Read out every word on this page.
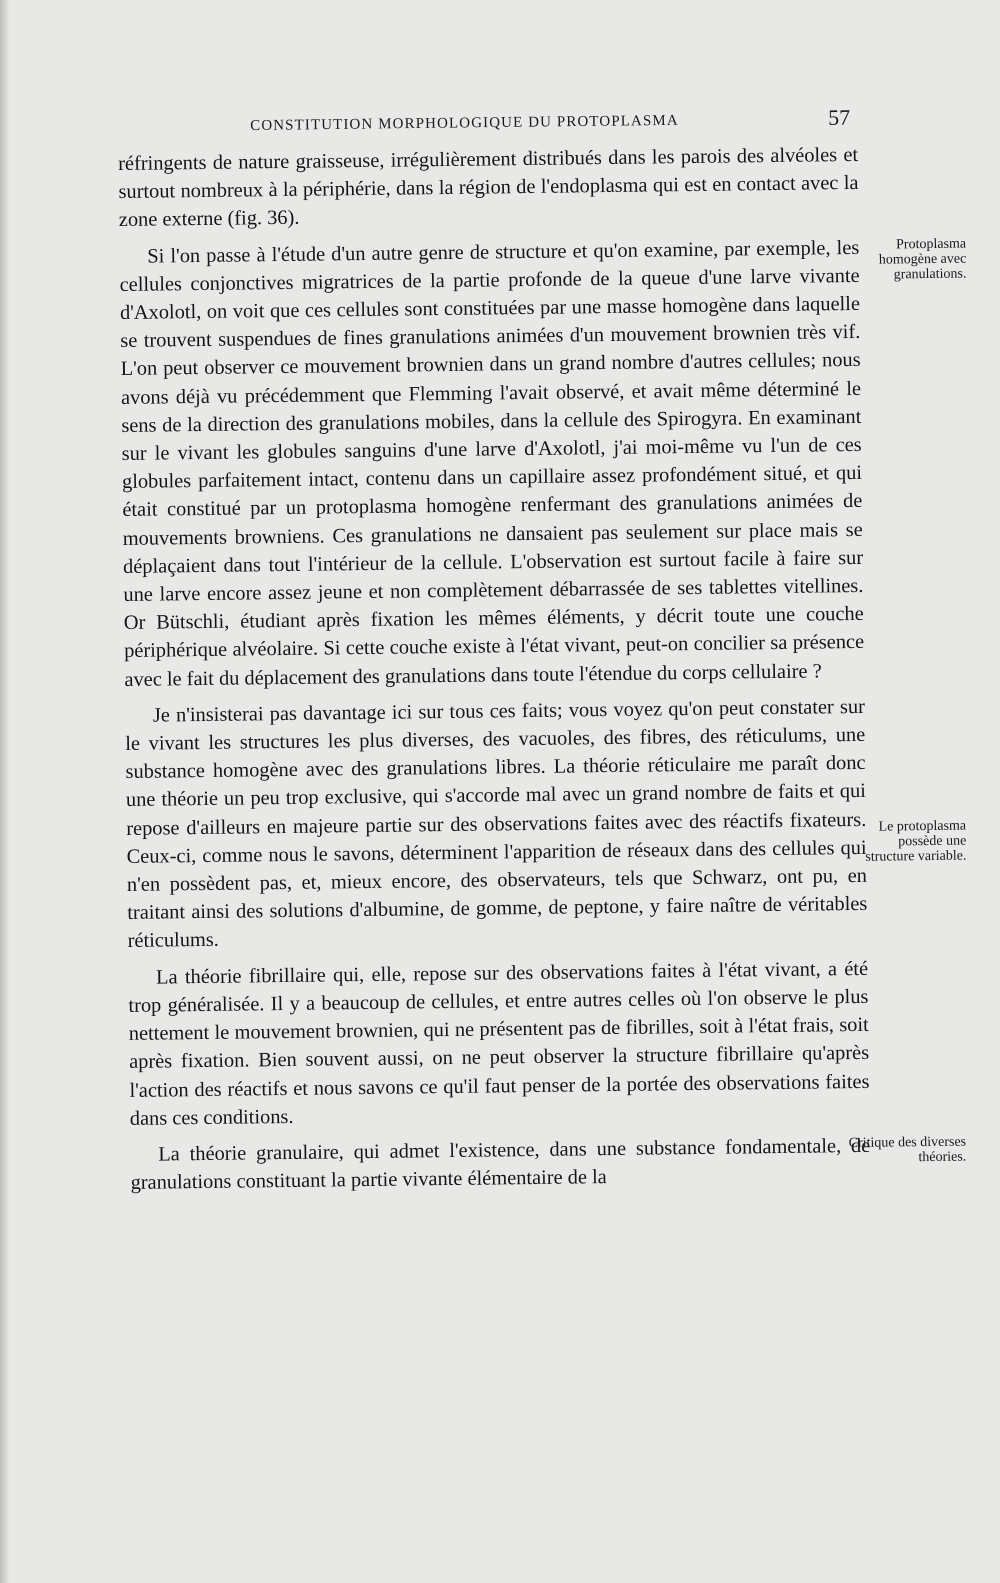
CONSTITUTION MORPHOLOGIQUE DU PROTOPLASMA	57

réfringents de nature graisseuse, irrégulièrement distribués dans les parois des alvéoles et surtout nombreux à la périphérie, dans la région de l'endoplasma qui est en contact avec la zone externe (fig. 36).

Si l'on passe à l'étude d'un autre genre de structure et qu'on examine, par exemple, les cellules conjonctives migratrices de la partie profonde de la queue d'une larve vivante d'Axolotl, on voit que ces cellules sont constituées par une masse homogène dans laquelle se trouvent suspendues de fines granulations animées d'un mouvement brownien très vif. L'on peut observer ce mouvement brownien dans un grand nombre d'autres cellules; nous avons déjà vu précédemment que Flemming l'avait observé, et avait même déterminé le sens de la direction des granulations mobiles, dans la cellule des Spirogyra. En examinant sur le vivant les globules sanguins d'une larve d'Axolotl, j'ai moi-même vu l'un de ces globules parfaitement intact, contenu dans un capillaire assez profondément situé, et qui était constitué par un protoplasma homogène renfermant des granulations animées de mouvements browniens. Ces granulations ne dansaient pas seulement sur place mais se déplaçaient dans tout l'intérieur de la cellule. L'observation est surtout facile à faire sur une larve encore assez jeune et non complètement débarrassée de ses tablettes vitellines. Or Bütschli, étudiant après fixation les mêmes éléments, y décrit toute une couche périphérique alvéolaire. Si cette couche existe à l'état vivant, peut-on concilier sa présence avec le fait du déplacement des granulations dans toute l'étendue du corps cellulaire ?

Je n'insisterai pas davantage ici sur tous ces faits; vous voyez qu'on peut constater sur le vivant les structures les plus diverses, des vacuoles, des fibres, des réticulums, une substance homogène avec des granulations libres. La théorie réticulaire me paraît donc une théorie un peu trop exclusive, qui s'accorde mal avec un grand nombre de faits et qui repose d'ailleurs en majeure partie sur des observations faites avec des réactifs fixateurs. Ceux-ci, comme nous le savons, déterminent l'apparition de réseaux dans des cellules qui n'en possèdent pas, et, mieux encore, des observateurs, tels que Schwarz, ont pu, en traitant ainsi des solutions d'albumine, de gomme, de peptone, y faire naître de véritables réticulums.

La théorie fibrillaire qui, elle, repose sur des observations faites à l'état vivant, a été trop généralisée. Il y a beaucoup de cellules, et entre autres celles où l'on observe le plus nettement le mouvement brownien, qui ne présentent pas de fibrilles, soit à l'état frais, soit après fixation. Bien souvent aussi, on ne peut observer la structure fibrillaire qu'après l'action des réactifs et nous savons ce qu'il faut penser de la portée des observations faites dans ces conditions.

La théorie granulaire, qui admet l'existence, dans une substance fondamentale, de granulations constituant la partie vivante élémentaire de la

Protoplasma homogène avec granulations.
Le protoplasma possède une structure variable.
Critique des diverses théories.
